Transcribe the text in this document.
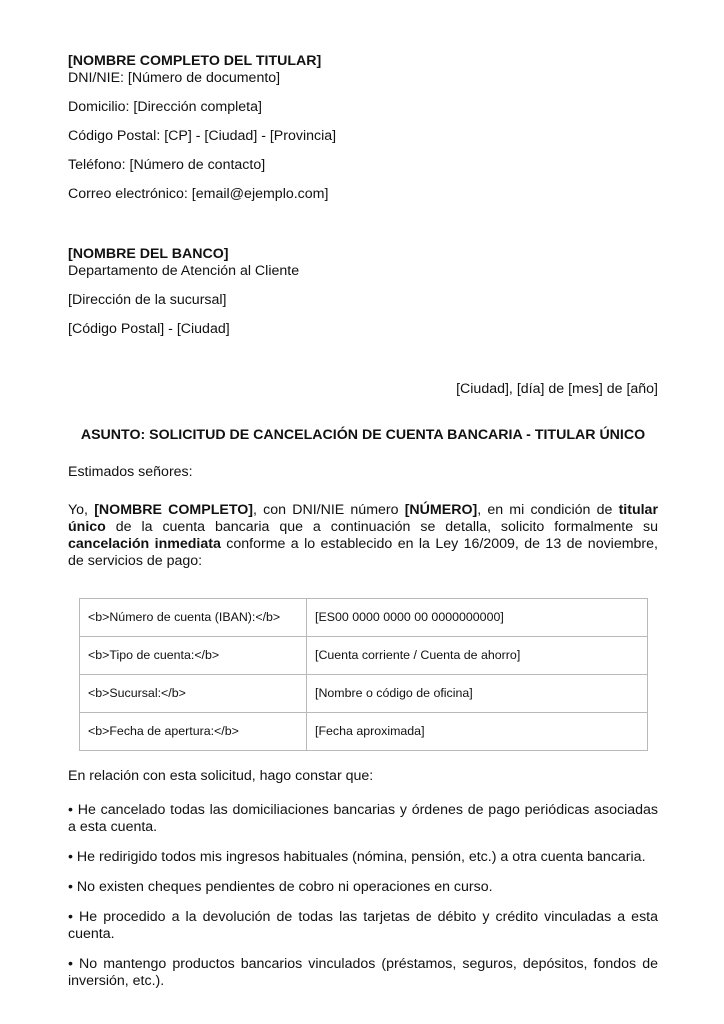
[NOMBRE COMPLETO DEL TITULAR]

DNI/NIE: [Número de documento]

Domicilio: [Dirección completa]

Código Postal: [CP] - [Ciudad] - [Provincia]

Teléfono: [Número de contacto]

Correo electrónico: [email@ejemplo.com]

[NOMBRE DEL BANCO]

Departamento de Atención al Cliente

[Dirección de la sucursal]

[Código Postal] - [Ciudad]

[Ciudad], [día] de [mes] de [año]

ASUNTO: SOLICITUD DE CANCELACIÓN DE CUENTA BANCARIA - TITULAR ÚNICO

Estimados señores:

Yo, [NOMBRE COMPLETO], con DNI/NIE número [NÚMERO], en mi condición de titular único de la cuenta bancaria que a continuación se detalla, solicito formalmente su cancelación inmediata conforme a lo establecido en la Ley 16/2009, de 13 de noviembre, de servicios de pago:

<b>Número de cuenta (IBAN):</b>	[ES00 0000 0000 00 0000000000]
<b>Tipo de cuenta:</b>	[Cuenta corriente / Cuenta de ahorro]
<b>Sucursal:</b>	[Nombre o código de oficina]
<b>Fecha de apertura:</b>	[Fecha aproximada]

En relación con esta solicitud, hago constar que:

• He cancelado todas las domiciliaciones bancarias y órdenes de pago periódicas asociadas a esta cuenta.

• He redirigido todos mis ingresos habituales (nómina, pensión, etc.) a otra cuenta bancaria.

• No existen cheques pendientes de cobro ni operaciones en curso.

• He procedido a la devolución de todas las tarjetas de débito y crédito vinculadas a esta cuenta.

• No mantengo productos bancarios vinculados (préstamos, seguros, depósitos, fondos de inversión, etc.).
